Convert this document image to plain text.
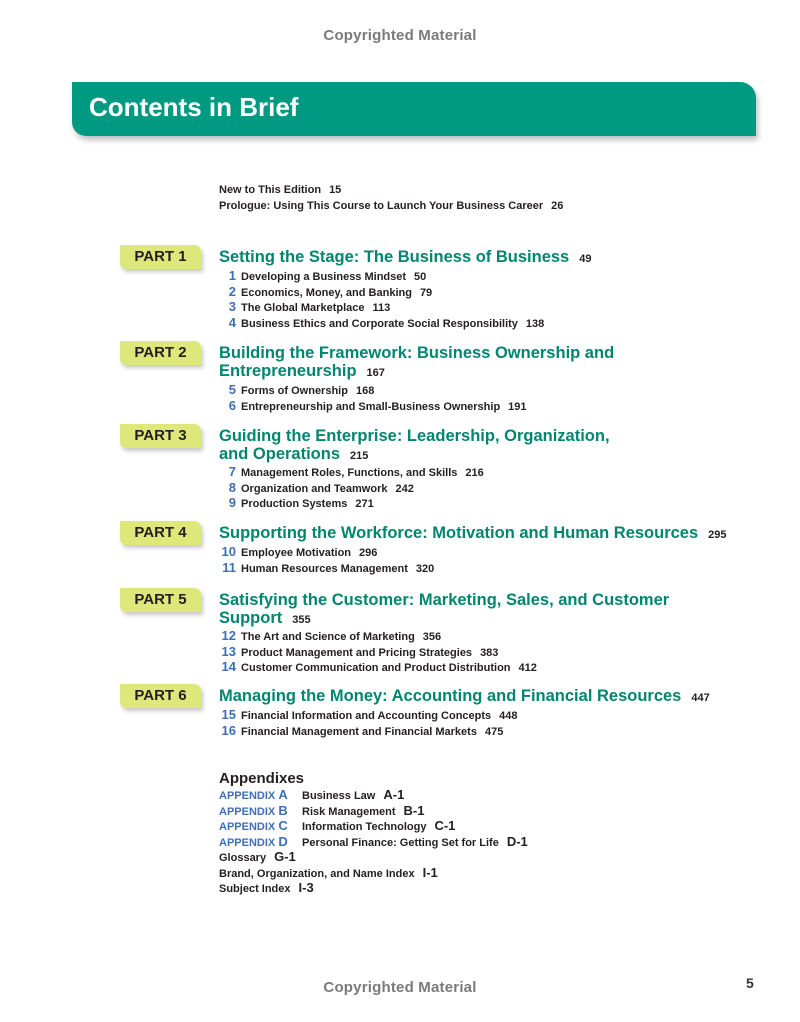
Copyrighted Material
Contents in Brief
New to This Edition 15
Prologue: Using This Course to Launch Your Business Career 26
PART 1	Setting the Stage: The Business of Business 49
1 Developing a Business Mindset 50
2 Economics, Money, and Banking 79
3 The Global Marketplace 113
4 Business Ethics and Corporate Social Responsibility 138
PART 2	Building the Framework: Business Ownership and
Entrepreneurship 167
5 Forms of Ownership 168
6 Entrepreneurship and Small-Business Ownership 191
PART 3	Guiding the Enterprise: Leadership, Organization,
and Operations 215
7 Management Roles, Functions, and Skills 216
8 Organization and Teamwork 242
9 Production Systems 271
PART 4	Supporting the Workforce: Motivation and Human Resources 295
10 Employee Motivation 296
11 Human Resources Management 320
PART 5	Satisfying the Customer: Marketing, Sales, and Customer
Support 355
12 The Art and Science of Marketing 356
13 Product Management and Pricing Strategies 383
14 Customer Communication and Product Distribution 412
PART 6	Managing the Money: Accounting and Financial Resources 447
15 Financial Information and Accounting Concepts 448
16 Financial Management and Financial Markets 475
Appendixes
APPENDIX A Business Law A-1
APPENDIX B Risk Management B-1
APPENDIX C Information Technology C-1
APPENDIX D Personal Finance: Getting Set for Life D-1
Glossary G-1
Brand, Organization, and Name Index I-1
Subject Index I-3
Copyrighted Material	5
